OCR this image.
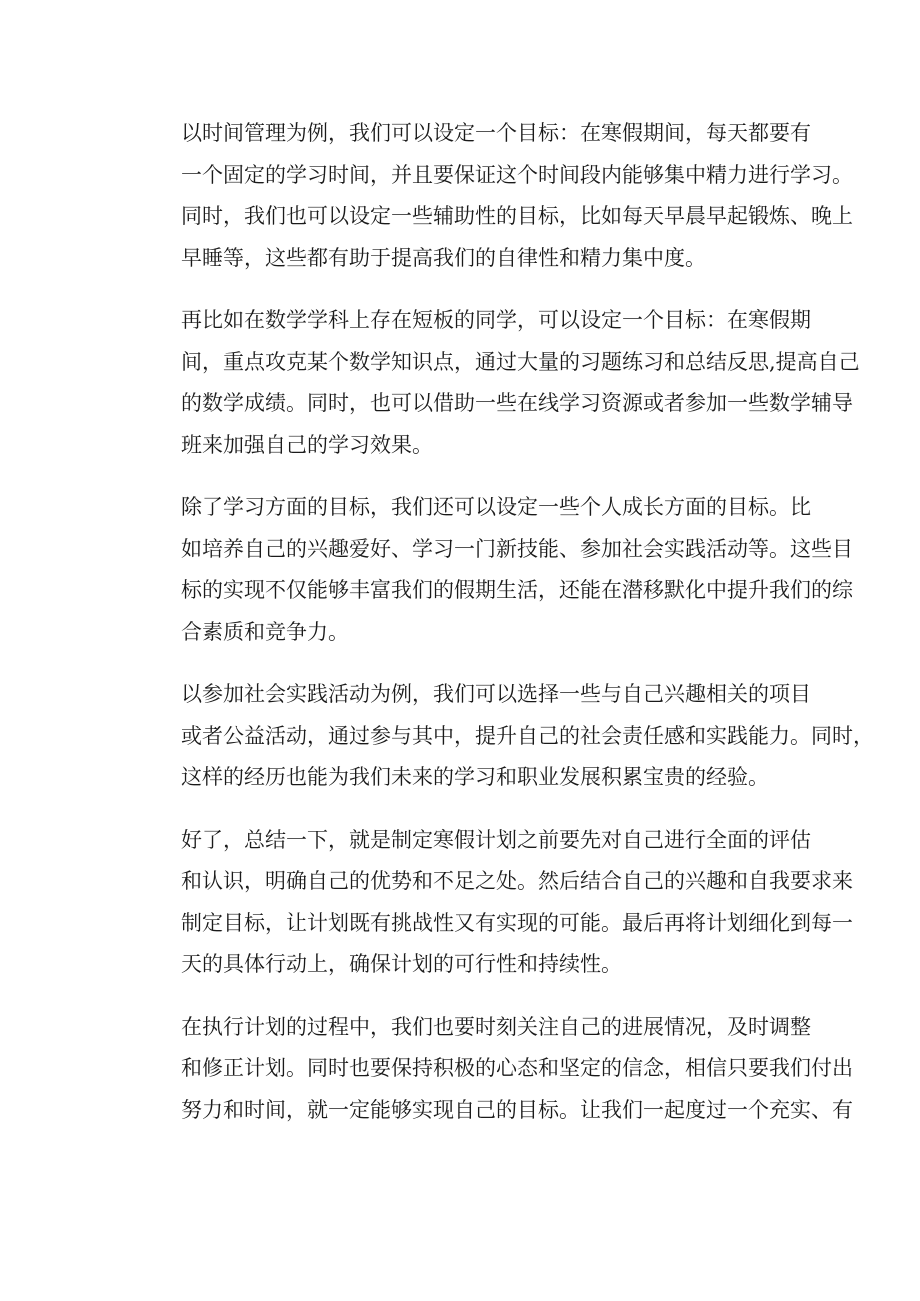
以时间管理为例，我们可以设定一个目标：在寒假期间，每天都要有
一个固定的学习时间，并且要保证这个时间段内能够集中精力进行学习。
同时，我们也可以设定一些辅助性的目标，比如每天早晨早起锻炼、晚上
早睡等，这些都有助于提高我们的自律性和精力集中度。

再比如在数学学科上存在短板的同学，可以设定一个目标：在寒假期
间，重点攻克某个数学知识点，通过大量的习题练习和总结反思,提高自己
的数学成绩。同时，也可以借助一些在线学习资源或者参加一些数学辅导
班来加强自己的学习效果。

除了学习方面的目标，我们还可以设定一些个人成长方面的目标。比
如培养自己的兴趣爱好、学习一门新技能、参加社会实践活动等。这些目
标的实现不仅能够丰富我们的假期生活，还能在潜移默化中提升我们的综
合素质和竞争力。

以参加社会实践活动为例，我们可以选择一些与自己兴趣相关的项目
或者公益活动，通过参与其中，提升自己的社会责任感和实践能力。同时，
这样的经历也能为我们未来的学习和职业发展积累宝贵的经验。

好了，总结一下，就是制定寒假计划之前要先对自己进行全面的评估
和认识，明确自己的优势和不足之处。然后结合自己的兴趣和自我要求来
制定目标，让计划既有挑战性又有实现的可能。最后再将计划细化到每一
天的具体行动上，确保计划的可行性和持续性。

在执行计划的过程中，我们也要时刻关注自己的进展情况，及时调整
和修正计划。同时也要保持积极的心态和坚定的信念，相信只要我们付出
努力和时间，就一定能够实现自己的目标。让我们一起度过一个充实、有
